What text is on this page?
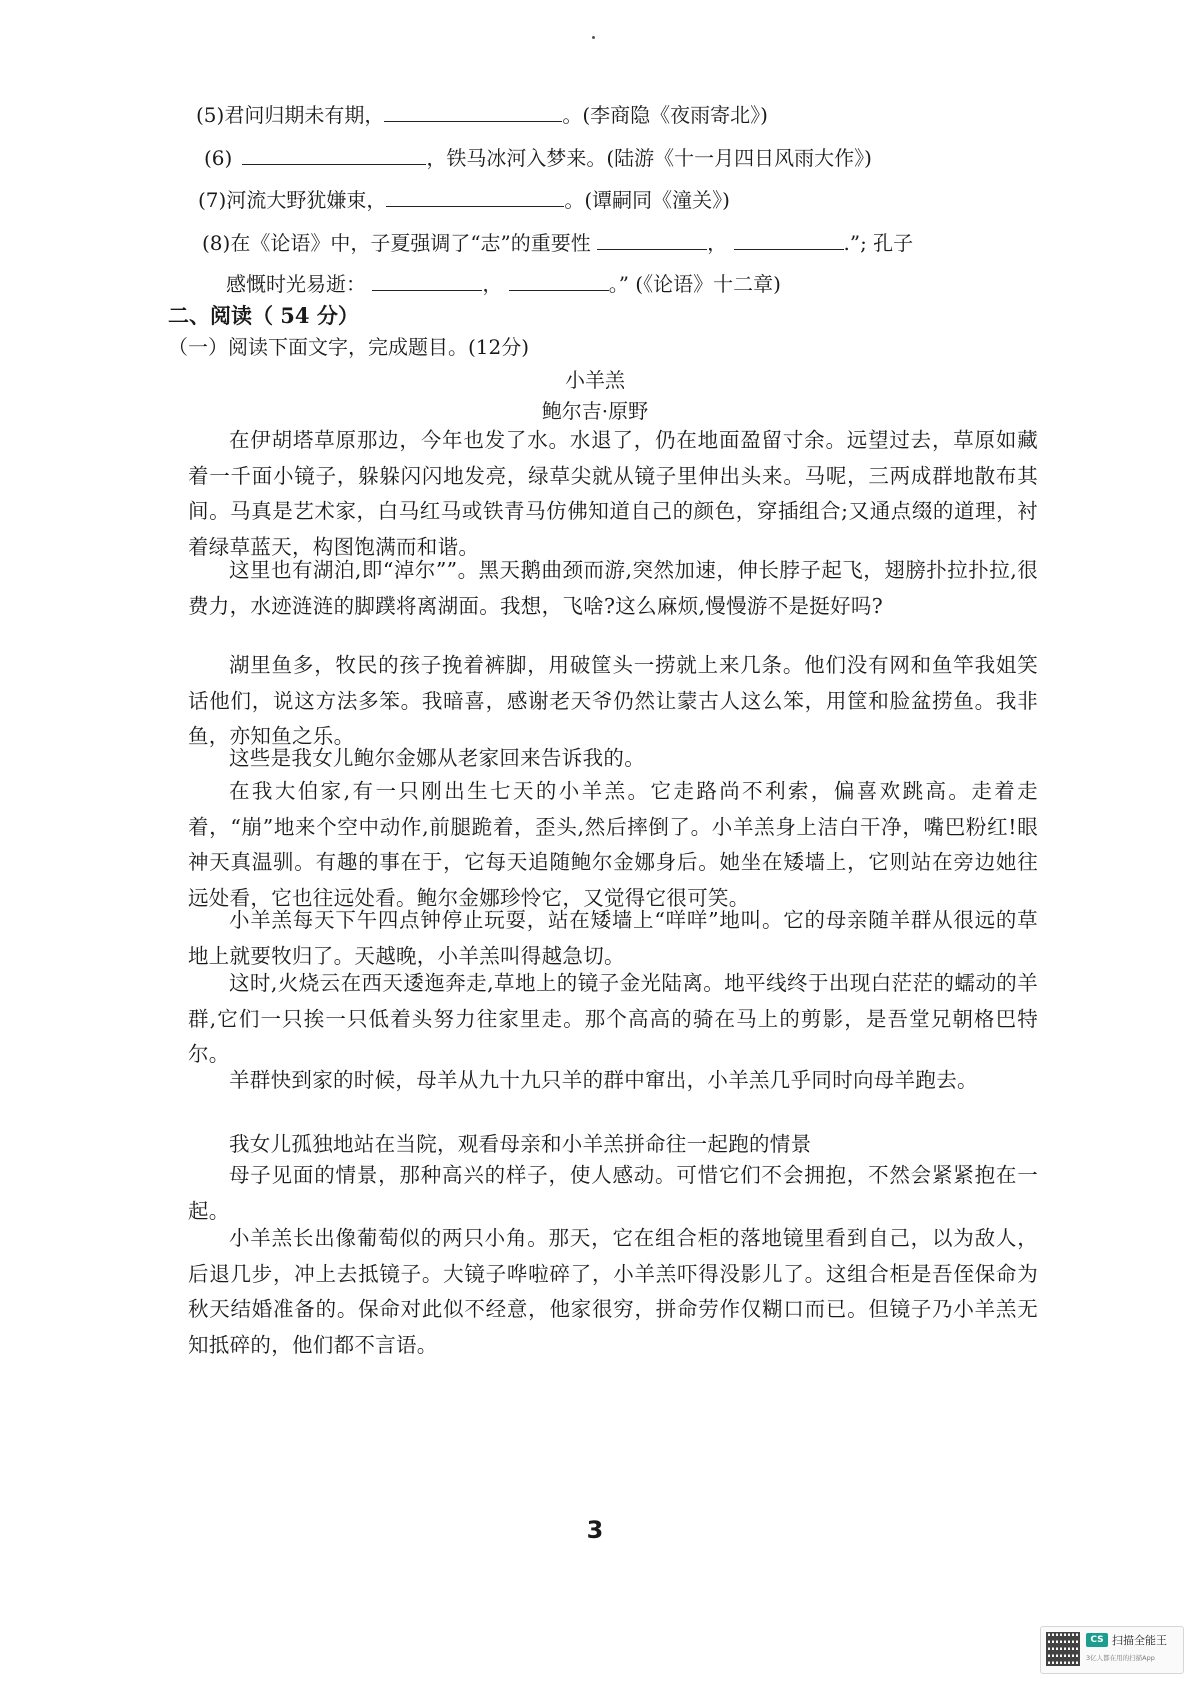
(5)君问归期未有期，	。(李商隐《夜雨寄北》)
(6)	，铁马冰河入梦来。(陆游《十一月四日风雨大作》)
(7)河流大野犹嫌束，	。(谭嗣同《潼关》)
(8)在《论语》中，子夏强调了“志”的重要性	，	.”; 孔子
感慨时光易逝：	，	。” (《论语》十二章)
二、阅读（ 54 分）
（一）阅读下面文字，完成题目。(12分)
小羊羔
鲍尔吉·原野
在伊胡塔草原那边，今年也发了水。水退了，仍在地面盈留寸余。远望过去，草原如藏着一千面小镜子，躲躲闪闪地发亮，绿草尖就从镜子里伸出头来。马呢，三两成群地散布其间。马真是艺术家，白马红马或铁青马仿佛知道自己的颜色，穿插组合;又通点缀的道理，衬着绿草蓝天，构图饱满而和谐。
这里也有湖泊,即“淖尔””。黑天鹅曲颈而游,突然加速，伸长脖子起飞，翅膀扑拉扑拉,很费力，水迹涟涟的脚蹼将离湖面。我想，飞啥?这么麻烦,慢慢游不是挺好吗?
湖里鱼多，牧民的孩子挽着裤脚，用破筐头一捞就上来几条。他们没有网和鱼竿我姐笑话他们，说这方法多笨。我暗喜，感谢老天爷仍然让蒙古人这么笨，用筐和脸盆捞鱼。我非鱼，亦知鱼之乐。
这些是我女儿鲍尔金娜从老家回来告诉我的。
在我大伯家,有一只刚出生七天的小羊羔。它走路尚不利索，偏喜欢跳高。走着走着，“崩”地来个空中动作,前腿跪着，歪头,然后摔倒了。小羊羔身上洁白干净，嘴巴粉红!眼神天真温驯。有趣的事在于，它每天追随鲍尔金娜身后。她坐在矮墙上，它则站在旁边她往远处看，它也往远处看。鲍尔金娜珍怜它，又觉得它很可笑。
小羊羔每天下午四点钟停止玩耍，站在矮墙上“咩咩”地叫。它的母亲随羊群从很远的草地上就要牧归了。天越晚，小羊羔叫得越急切。
这时,火烧云在西天逶迤奔走,草地上的镜子金光陆离。地平线终于出现白茫茫的蠕动的羊群,它们一只挨一只低着头努力往家里走。那个高高的骑在马上的剪影，是吾堂兄朝格巴特尔。
羊群快到家的时候，母羊从九十九只羊的群中窜出，小羊羔几乎同时向母羊跑去。
我女儿孤独地站在当院，观看母亲和小羊羔拼命往一起跑的情景
母子见面的情景，那种高兴的样子，使人感动。可惜它们不会拥抱，不然会紧紧抱在一起。
小羊羔长出像葡萄似的两只小角。那天，它在组合柜的落地镜里看到自己，以为敌人，后退几步，冲上去抵镜子。大镜子哗啦碎了，小羊羔吓得没影儿了。这组合柜是吾侄保命为秋天结婚准备的。保命对此似不经意，他家很穷，拼命劳作仅糊口而已。但镜子乃小羊羔无知抵碎的，他们都不言语。
3
CS 扫描全能王
3亿人都在用的扫描App
